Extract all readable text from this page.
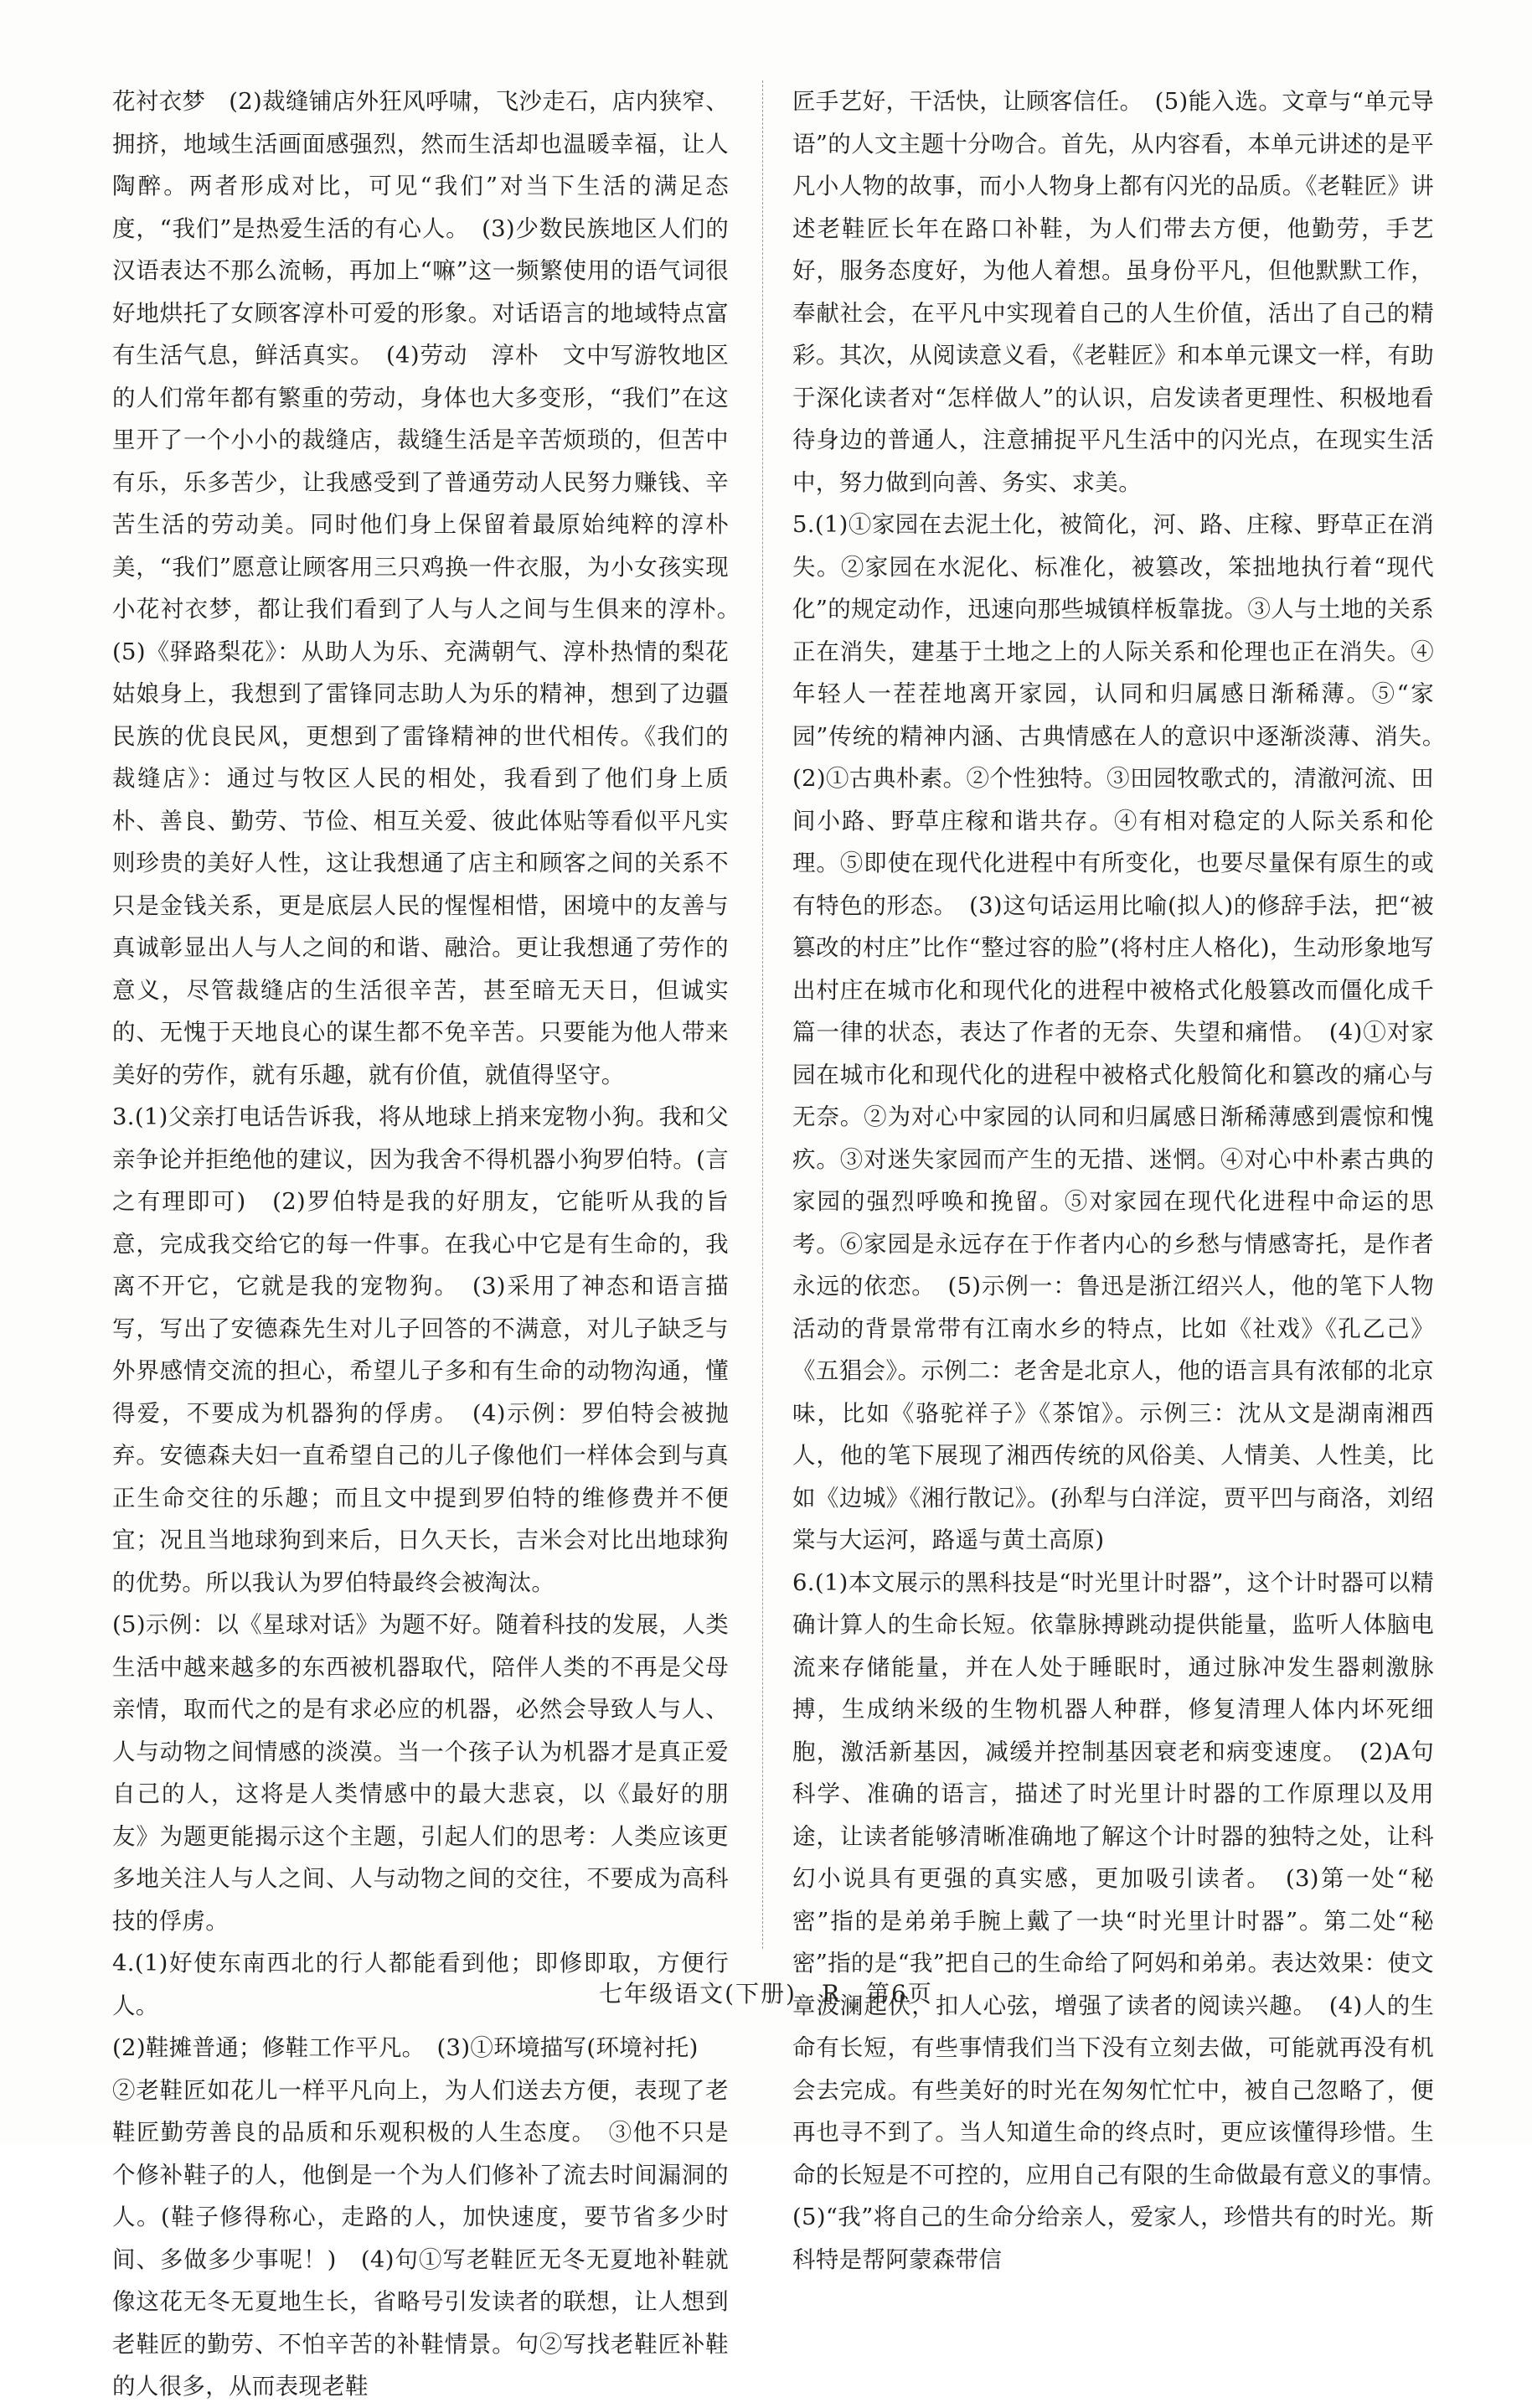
花衬衣梦　(2)裁缝铺店外狂风呼啸，飞沙走石，店内狭窄、拥挤，地域生活画面感强烈，然而生活却也温暖幸福，让人陶醉。两者形成对比，可见“我们”对当下生活的满足态度，“我们”是热爱生活的有心人。　(3)少数民族地区人们的汉语表达不那么流畅，再加上“嘛”这一频繁使用的语气词很好地烘托了女顾客淳朴可爱的形象。对话语言的地域特点富有生活气息，鲜活真实。　(4)劳动　淳朴　文中写游牧地区的人们常年都有繁重的劳动，身体也大多变形，“我们”在这里开了一个小小的裁缝店，裁缝生活是辛苦烦琐的，但苦中有乐，乐多苦少，让我感受到了普通劳动人民努力赚钱、辛苦生活的劳动美。同时他们身上保留着最原始纯粹的淳朴美，“我们”愿意让顾客用三只鸡换一件衣服，为小女孩实现小花衬衣梦，都让我们看到了人与人之间与生俱来的淳朴。　(5)《驿路梨花》：从助人为乐、充满朝气、淳朴热情的梨花姑娘身上，我想到了雷锋同志助人为乐的精神，想到了边疆民族的优良民风，更想到了雷锋精神的世代相传。《我们的裁缝店》：通过与牧区人民的相处，我看到了他们身上质朴、善良、勤劳、节俭、相互关爱、彼此体贴等看似平凡实则珍贵的美好人性，这让我想通了店主和顾客之间的关系不只是金钱关系，更是底层人民的惺惺相惜，困境中的友善与真诚彰显出人与人之间的和谐、融洽。更让我想通了劳作的意义，尽管裁缝店的生活很辛苦，甚至暗无天日，但诚实的、无愧于天地良心的谋生都不免辛苦。只要能为他人带来美好的劳作，就有乐趣，就有价值，就值得坚守。

3.(1)父亲打电话告诉我，将从地球上捎来宠物小狗。我和父亲争论并拒绝他的建议，因为我舍不得机器小狗罗伯特。(言之有理即可)　(2)罗伯特是我的好朋友，它能听从我的旨意，完成我交给它的每一件事。在我心中它是有生命的，我离不开它，它就是我的宠物狗。　(3)采用了神态和语言描写，写出了安德森先生对儿子回答的不满意，对儿子缺乏与外界感情交流的担心，希望儿子多和有生命的动物沟通，懂得爱，不要成为机器狗的俘虏。　(4)示例：罗伯特会被抛弃。安德森夫妇一直希望自己的儿子像他们一样体会到与真正生命交往的乐趣；而且文中提到罗伯特的维修费并不便宜；况且当地球狗到来后，日久天长，吉米会对比出地球狗的优势。所以我认为罗伯特最终会被淘汰。

(5)示例：以《星球对话》为题不好。随着科技的发展，人类生活中越来越多的东西被机器取代，陪伴人类的不再是父母亲情，取而代之的是有求必应的机器，必然会导致人与人、人与动物之间情感的淡漠。当一个孩子认为机器才是真正爱自己的人，这将是人类情感中的最大悲哀，以《最好的朋友》为题更能揭示这个主题，引起人们的思考：人类应该更多地关注人与人之间、人与动物之间的交往，不要成为高科技的俘虏。

4.(1)好使东南西北的行人都能看到他；即修即取，方便行人。

(2)鞋摊普通；修鞋工作平凡。　(3)①环境描写(环境衬托)

②老鞋匠如花儿一样平凡向上，为人们送去方便，表现了老鞋匠勤劳善良的品质和乐观积极的人生态度。　③他不只是个修补鞋子的人，他倒是一个为人们修补了流去时间漏洞的人。(鞋子修得称心，走路的人，加快速度，要节省多少时间、多做多少事呢！)　(4)句①写老鞋匠无冬无夏地补鞋就像这花无冬无夏地生长，省略号引发读者的联想，让人想到老鞋匠的勤劳、不怕辛苦的补鞋情景。句②写找老鞋匠补鞋的人很多，从而表现老鞋

匠手艺好，干活快，让顾客信任。　(5)能入选。文章与“单元导语”的人文主题十分吻合。首先，从内容看，本单元讲述的是平凡小人物的故事，而小人物身上都有闪光的品质。《老鞋匠》讲述老鞋匠长年在路口补鞋，为人们带去方便，他勤劳，手艺好，服务态度好，为他人着想。虽身份平凡，但他默默工作，奉献社会，在平凡中实现着自己的人生价值，活出了自己的精彩。其次，从阅读意义看，《老鞋匠》和本单元课文一样，有助于深化读者对“怎样做人”的认识，启发读者更理性、积极地看待身边的普通人，注意捕捉平凡生活中的闪光点，在现实生活中，努力做到向善、务实、求美。

5.(1)①家园在去泥土化，被简化，河、路、庄稼、野草正在消失。②家园在水泥化、标准化，被篡改，笨拙地执行着“现代化”的规定动作，迅速向那些城镇样板靠拢。③人与土地的关系正在消失，建基于土地之上的人际关系和伦理也正在消失。④年轻人一茬茬地离开家园，认同和归属感日渐稀薄。⑤“家园”传统的精神内涵、古典情感在人的意识中逐渐淡薄、消失。　(2)①古典朴素。②个性独特。③田园牧歌式的，清澈河流、田间小路、野草庄稼和谐共存。④有相对稳定的人际关系和伦理。⑤即使在现代化进程中有所变化，也要尽量保有原生的或有特色的形态。　(3)这句话运用比喻(拟人)的修辞手法，把“被篡改的村庄”比作“整过容的脸”(将村庄人格化)，生动形象地写出村庄在城市化和现代化的进程中被格式化般篡改而僵化成千篇一律的状态，表达了作者的无奈、失望和痛惜。　(4)①对家园在城市化和现代化的进程中被格式化般简化和篡改的痛心与无奈。②为对心中家园的认同和归属感日渐稀薄感到震惊和愧疚。③对迷失家园而产生的无措、迷惘。④对心中朴素古典的家园的强烈呼唤和挽留。⑤对家园在现代化进程中命运的思考。⑥家园是永远存在于作者内心的乡愁与情感寄托，是作者永远的依恋。　(5)示例一：鲁迅是浙江绍兴人，他的笔下人物活动的背景常带有江南水乡的特点，比如《社戏》《孔乙己》《五猖会》。示例二：老舍是北京人，他的语言具有浓郁的北京味，比如《骆驼祥子》《茶馆》。示例三：沈从文是湖南湘西人，他的笔下展现了湘西传统的风俗美、人情美、人性美，比如《边城》《湘行散记》。(孙犁与白洋淀，贾平凹与商洛，刘绍棠与大运河，路遥与黄土高原)

6.(1)本文展示的黑科技是“时光里计时器”，这个计时器可以精确计算人的生命长短。依靠脉搏跳动提供能量，监听人体脑电流来存储能量，并在人处于睡眠时，通过脉冲发生器刺激脉搏，生成纳米级的生物机器人种群，修复清理人体内坏死细胞，激活新基因，减缓并控制基因衰老和病变速度。　(2)A句科学、准确的语言，描述了时光里计时器的工作原理以及用途，让读者能够清晰准确地了解这个计时器的独特之处，让科幻小说具有更强的真实感，更加吸引读者。　(3)第一处“秘密”指的是弟弟手腕上戴了一块“时光里计时器”。第二处“秘密”指的是“我”把自己的生命给了阿妈和弟弟。表达效果：使文章波澜起伏，扣人心弦，增强了读者的阅读兴趣。　(4)人的生命有长短，有些事情我们当下没有立刻去做，可能就再没有机会去完成。有些美好的时光在匆匆忙忙中，被自己忽略了，便再也寻不到了。当人知道生命的终点时，更应该懂得珍惜。生命的长短是不可控的，应用自己有限的生命做最有意义的事情。　(5)“我”将自己的生命分给亲人，爱家人，珍惜共有的时光。斯科特是帮阿蒙森带信

七年级语文(下册)　R　第6页
